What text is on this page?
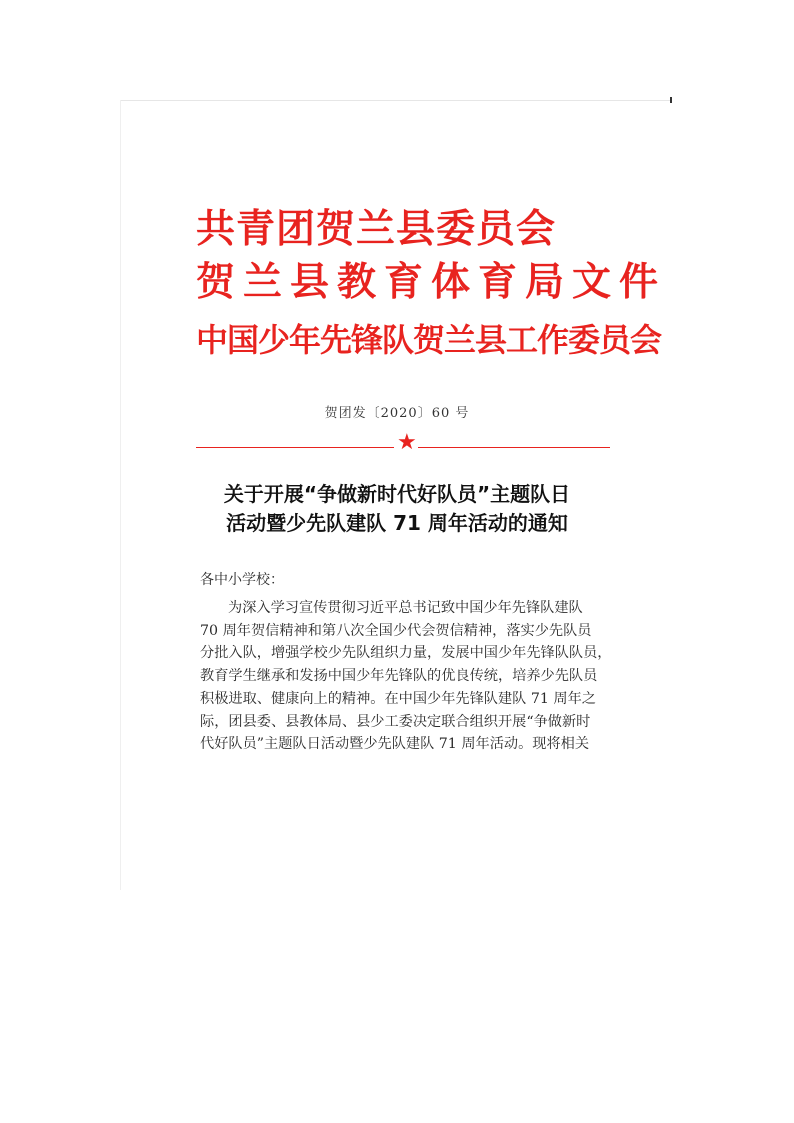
共青团贺兰县委员会
贺兰县教育体育局文件
中国少年先锋队贺兰县工作委员会
贺团发〔2020〕60 号
★
关于开展“争做新时代好队员”主题队日
活动暨少先队建队 71 周年活动的通知
各中小学校：
为深入学习宣传贯彻习近平总书记致中国少年先锋队建队
70 周年贺信精神和第八次全国少代会贺信精神，落实少先队员
分批入队，增强学校少先队组织力量，发展中国少年先锋队队员，
教育学生继承和发扬中国少年先锋队的优良传统，培养少先队员
积极进取、健康向上的精神。在中国少年先锋队建队 71 周年之
际，团县委、县教体局、县少工委决定联合组织开展“争做新时
代好队员”主题队日活动暨少先队建队 71 周年活动。现将相关
